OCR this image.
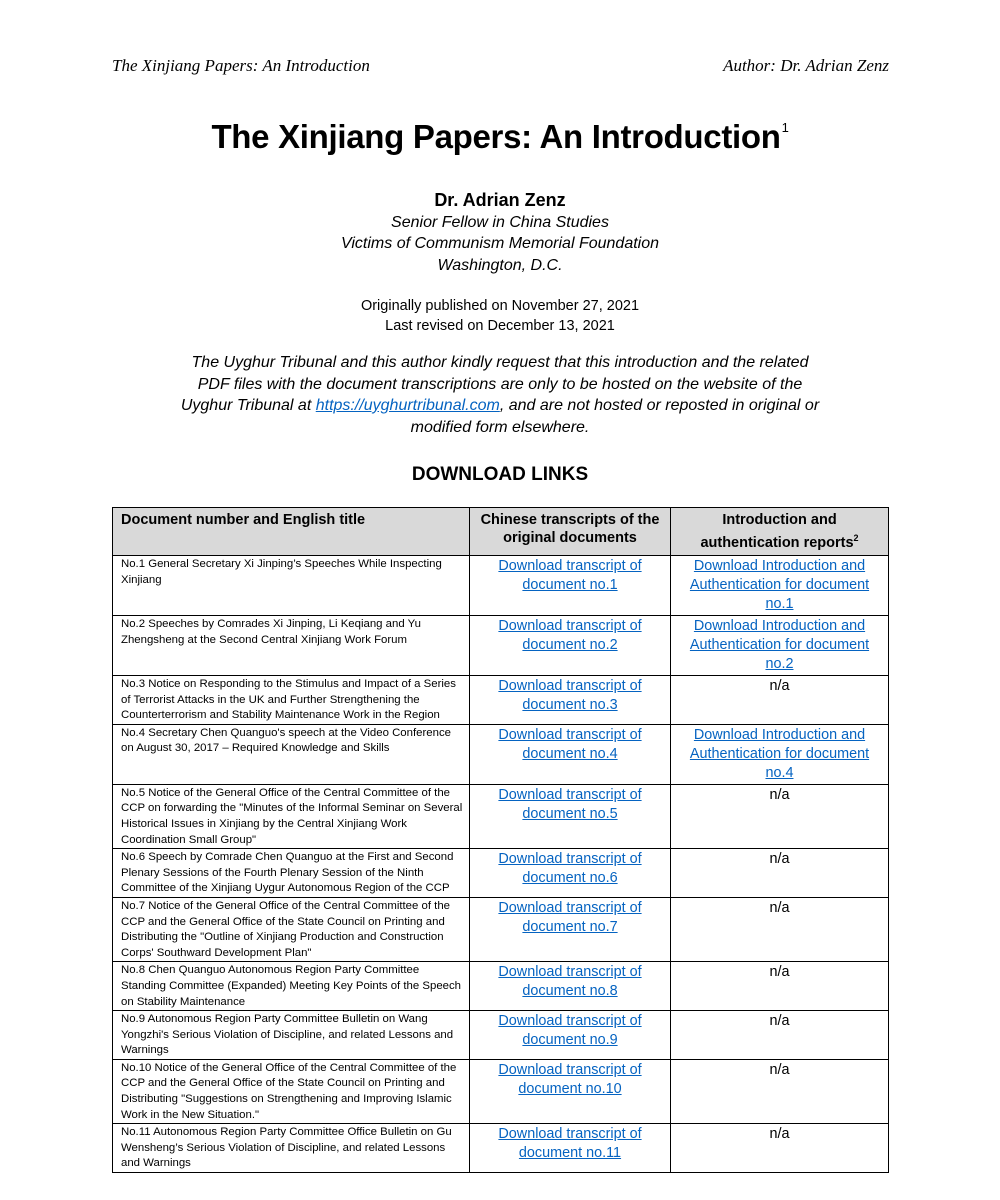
The Xinjiang Papers: An Introduction	Author: Dr. Adrian Zenz
The Xinjiang Papers: An Introduction$^1$
Dr. Adrian Zenz
Senior Fellow in China Studies
Victims of Communism Memorial Foundation
Washington, D.C.
Originally published on November 27, 2021
Last revised on December 13, 2021
The Uyghur Tribunal and this author kindly request that this introduction and the related PDF files with the document transcriptions are only to be hosted on the website of the Uyghur Tribunal at https://uyghurtribunal.com, and are not hosted or reposted in original or modified form elsewhere.
DOWNLOAD LINKS
Document number and English title	Chinese transcripts of the original documents	Introduction and authentication reports$^2$
No.1 General Secretary Xi Jinping’s Speeches While Inspecting Xinjiang	Download transcript of document no.1	Download Introduction and Authentication for document no.1
No.2 Speeches by Comrades Xi Jinping, Li Keqiang and Yu Zhengsheng at the Second Central Xinjiang Work Forum	Download transcript of document no.2	Download Introduction and Authentication for document no.2
No.3 Notice on Responding to the Stimulus and Impact of a Series of Terrorist Attacks in the UK and Further Strengthening the Counterterrorism and Stability Maintenance Work in the Region	Download transcript of document no.3	n/a
No.4 Secretary Chen Quanguo's speech at the Video Conference on August 30, 2017 – Required Knowledge and Skills	Download transcript of document no.4	Download Introduction and Authentication for document no.4
No.5 Notice of the General Office of the Central Committee of the CCP on forwarding the "Minutes of the Informal Seminar on Several Historical Issues in Xinjiang by the Central Xinjiang Work Coordination Small Group"	Download transcript of document no.5	n/a
No.6 Speech by Comrade Chen Quanguo at the First and Second Plenary Sessions of the Fourth Plenary Session of the Ninth Committee of the Xinjiang Uygur Autonomous Region of the CCP	Download transcript of document no.6	n/a
No.7 Notice of the General Office of the Central Committee of the CCP and the General Office of the State Council on Printing and Distributing the "Outline of Xinjiang Production and Construction Corps' Southward Development Plan"	Download transcript of document no.7	n/a
No.8 Chen Quanguo Autonomous Region Party Committee Standing Committee (Expanded) Meeting Key Points of the Speech on Stability Maintenance	Download transcript of document no.8	n/a
No.9 Autonomous Region Party Committee Bulletin on Wang Yongzhi's Serious Violation of Discipline, and related Lessons and Warnings	Download transcript of document no.9	n/a
No.10 Notice of the General Office of the Central Committee of the CCP and the General Office of the State Council on Printing and Distributing "Suggestions on Strengthening and Improving Islamic Work in the New Situation."	Download transcript of document no.10	n/a
No.11 Autonomous Region Party Committee Office Bulletin on Gu Wensheng’s Serious Violation of Discipline, and related Lessons and Warnings	Download transcript of document no.11	n/a
